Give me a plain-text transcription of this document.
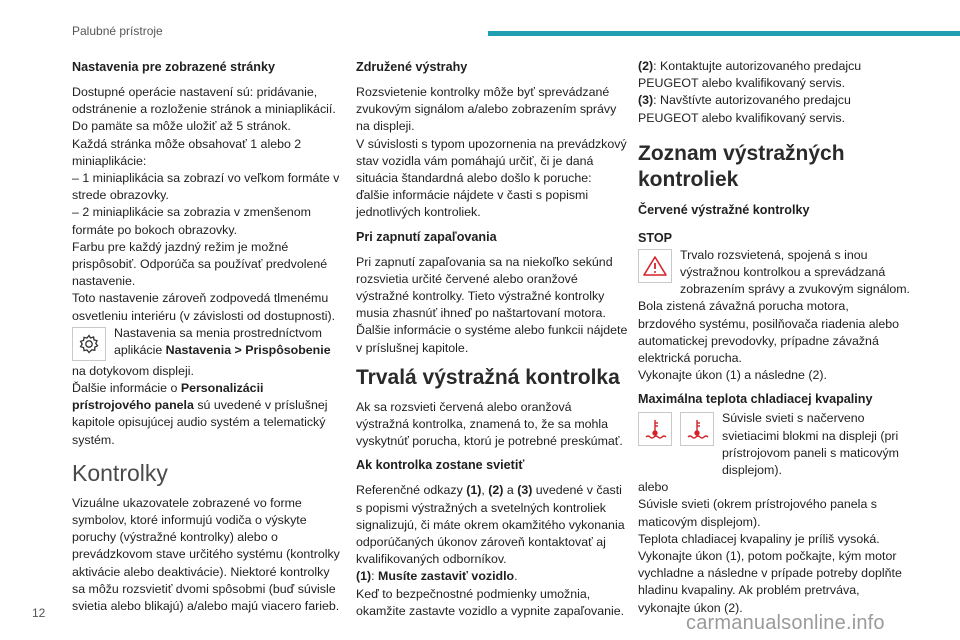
Palubné prístroje
Nastavenia pre zobrazené stránky

Dostupné operácie nastavení sú: pridávanie, odstránenie a rozloženie stránok a miniaplikácií. Do pamäte sa môže uložiť až 5 stránok.

Každá stránka môže obsahovať 1 alebo 2 miniaplikácie:

– 1 miniaplikácia sa zobrazí vo veľkom formáte v strede obrazovky.

– 2 miniaplikácie sa zobrazia v zmenšenom formáte po bokoch obrazovky.

Farbu pre každý jazdný režim je možné prispôsobiť. Odporúča sa používať predvolené nastavenie.

Toto nastavenie zároveň zodpovedá tlmenému osvetleniu interiéru (v závislosti od dostupnosti).

Nastavenia sa menia prostredníctvom aplikácie Nastavenia > Prispôsobenie

na dotykovom displeji.

Ďalšie informácie o Personalizácii prístrojového panela sú uvedené v príslušnej kapitole opisujúcej audio systém a telematický systém.

Kontrolky

Vizuálne ukazovatele zobrazené vo forme symbolov, ktoré informujú vodiča o výskyte poruchy (výstražné kontrolky) alebo o prevádzkovom stave určitého systému (kontrolky aktivácie alebo deaktivácie). Niektoré kontrolky sa môžu rozsvietiť dvomi spôsobmi (buď súvisle svietia alebo blikajú) a/alebo majú viacero farieb.

Združené výstrahy

Rozsvietenie kontrolky môže byť sprevádzané zvukovým signálom a/alebo zobrazením správy na displeji.

V súvislosti s typom upozornenia na prevádzkový stav vozidla vám pomáhajú určiť, či je daná situácia štandardná alebo došlo k poruche: ďalšie informácie nájdete v časti s popismi jednotlivých kontroliek.

Pri zapnutí zapaľovania

Pri zapnutí zapaľovania sa na niekoľko sekúnd rozsvietia určité červené alebo oranžové výstražné kontrolky. Tieto výstražné kontrolky musia zhasnúť ihneď po naštartovaní motora.

Ďalšie informácie o systéme alebo funkcii nájdete v príslušnej kapitole.

Trvalá výstražná kontrolka

Ak sa rozsvieti červená alebo oranžová výstražná kontrolka, znamená to, že sa mohla vyskytnúť porucha, ktorú je potrebné preskúmať.

Ak kontrolka zostane svietiť

Referenčné odkazy (1), (2) a (3) uvedené v časti s popismi výstražných a svetelných kontroliek signalizujú, či máte okrem okamžitého vykonania odporúčaných úkonov zároveň kontaktovať aj kvalifikovaných odborníkov.

(1): Musíte zastaviť vozidlo.

Keď to bezpečnostné podmienky umožnia, okamžite zastavte vozidlo a vypnite zapaľovanie.

(2): Kontaktujte autorizovaného predajcu PEUGEOT alebo kvalifikovaný servis.

(3): Navštívte autorizovaného predajcu PEUGEOT alebo kvalifikovaný servis.

Zoznam výstražných kontroliek
Červené výstražné kontrolky
STOP

Trvalo rozsvietená, spojená s inou výstražnou kontrolkou a sprevádzaná zobrazením správy a zvukovým signálom.

Bola zistená závažná porucha motora, brzdového systému, posilňovača riadenia alebo automatickej prevodovky, prípadne závažná elektrická porucha.

Vykonajte úkon (1) a následne (2).

Maximálna teplota chladiacej kvapaliny

Súvisle svieti s načerveno svietiacimi blokmi na displeji (pri prístrojovom paneli s maticovým displejom).

alebo

Súvisle svieti (okrem prístrojového panela s maticovým displejom).

Teplota chladiacej kvapaliny je príliš vysoká.

Vykonajte úkon (1), potom počkajte, kým motor vychladne a následne v prípade potreby doplňte hladinu kvapaliny. Ak problém pretrváva, vykonajte úkon (2).

12	carmanualsonline.info
